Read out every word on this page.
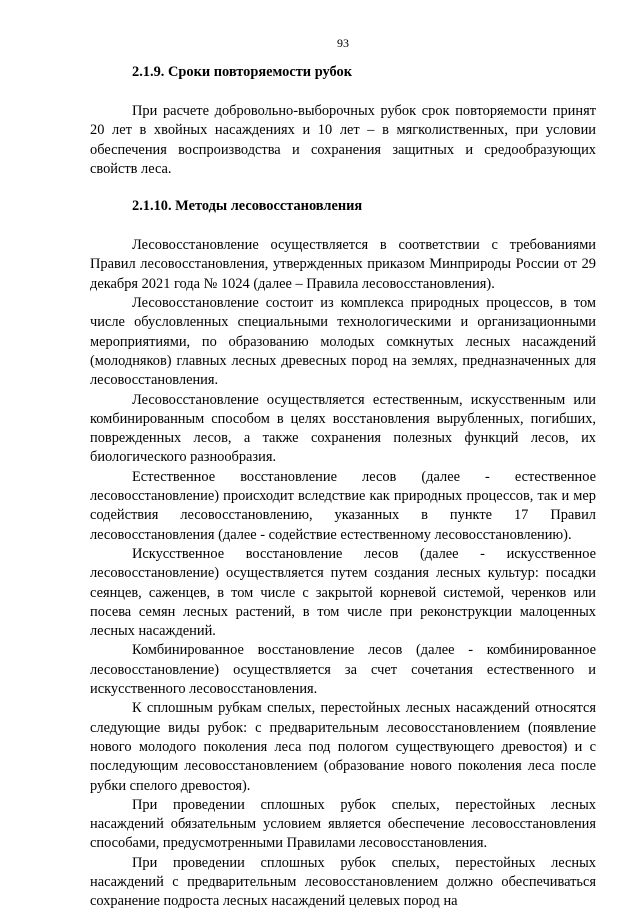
93
2.1.9. Сроки повторяемости рубок

При расчете добровольно-выборочных рубок срок повторяемости принят 20 лет в хвойных насаждениях и 10 лет – в мягколиственных, при условии обеспечения воспроизводства и сохранения защитных и средообразующих свойств леса.

2.1.10. Методы лесовосстановления

Лесовосстановление осуществляется в соответствии с требованиями Правил лесовосстановления, утвержденных приказом Минприроды России от 29 декабря 2021 года № 1024 (далее – Правила лесовосстановления).

Лесовосстановление состоит из комплекса природных процессов, в том числе обусловленных специальными технологическими и организационными мероприятиями, по образованию молодых сомкнутых лесных насаждений (молодняков) главных лесных древесных пород на землях, предназначенных для лесовосстановления.

Лесовосстановление осуществляется естественным, искусственным или комбинированным способом в целях восстановления вырубленных, погибших, поврежденных лесов, а также сохранения полезных функций лесов, их биологического разнообразия.

Естественное восстановление лесов (далее - естественное лесовосстановление) происходит вследствие как природных процессов, так и мер содействия лесовосстановлению, указанных в пункте 17 Правил лесовосстановления (далее - содействие естественному лесовосстановлению).

Искусственное восстановление лесов (далее - искусственное лесовосстановление) осуществляется путем создания лесных культур: посадки сеянцев, саженцев, в том числе с закрытой корневой системой, черенков или посева семян лесных растений, в том числе при реконструкции малоценных лесных насаждений.

Комбинированное восстановление лесов (далее - комбинированное лесовосстановление) осуществляется за счет сочетания естественного и искусственного лесовосстановления.

К сплошным рубкам спелых, перестойных лесных насаждений относятся следующие виды рубок: с предварительным лесовосстановлением (появление нового молодого поколения леса под пологом существующего древостоя) и с последующим лесовосстановлением (образование нового поколения леса после рубки спелого древостоя).

При проведении сплошных рубок спелых, перестойных лесных насаждений обязательным условием является обеспечение лесовосстановления способами, предусмотренными Правилами лесовосстановления.

При проведении сплошных рубок спелых, перестойных лесных насаждений с предварительным лесовосстановлением должно обеспечиваться сохранение подроста лесных насаждений целевых пород на
